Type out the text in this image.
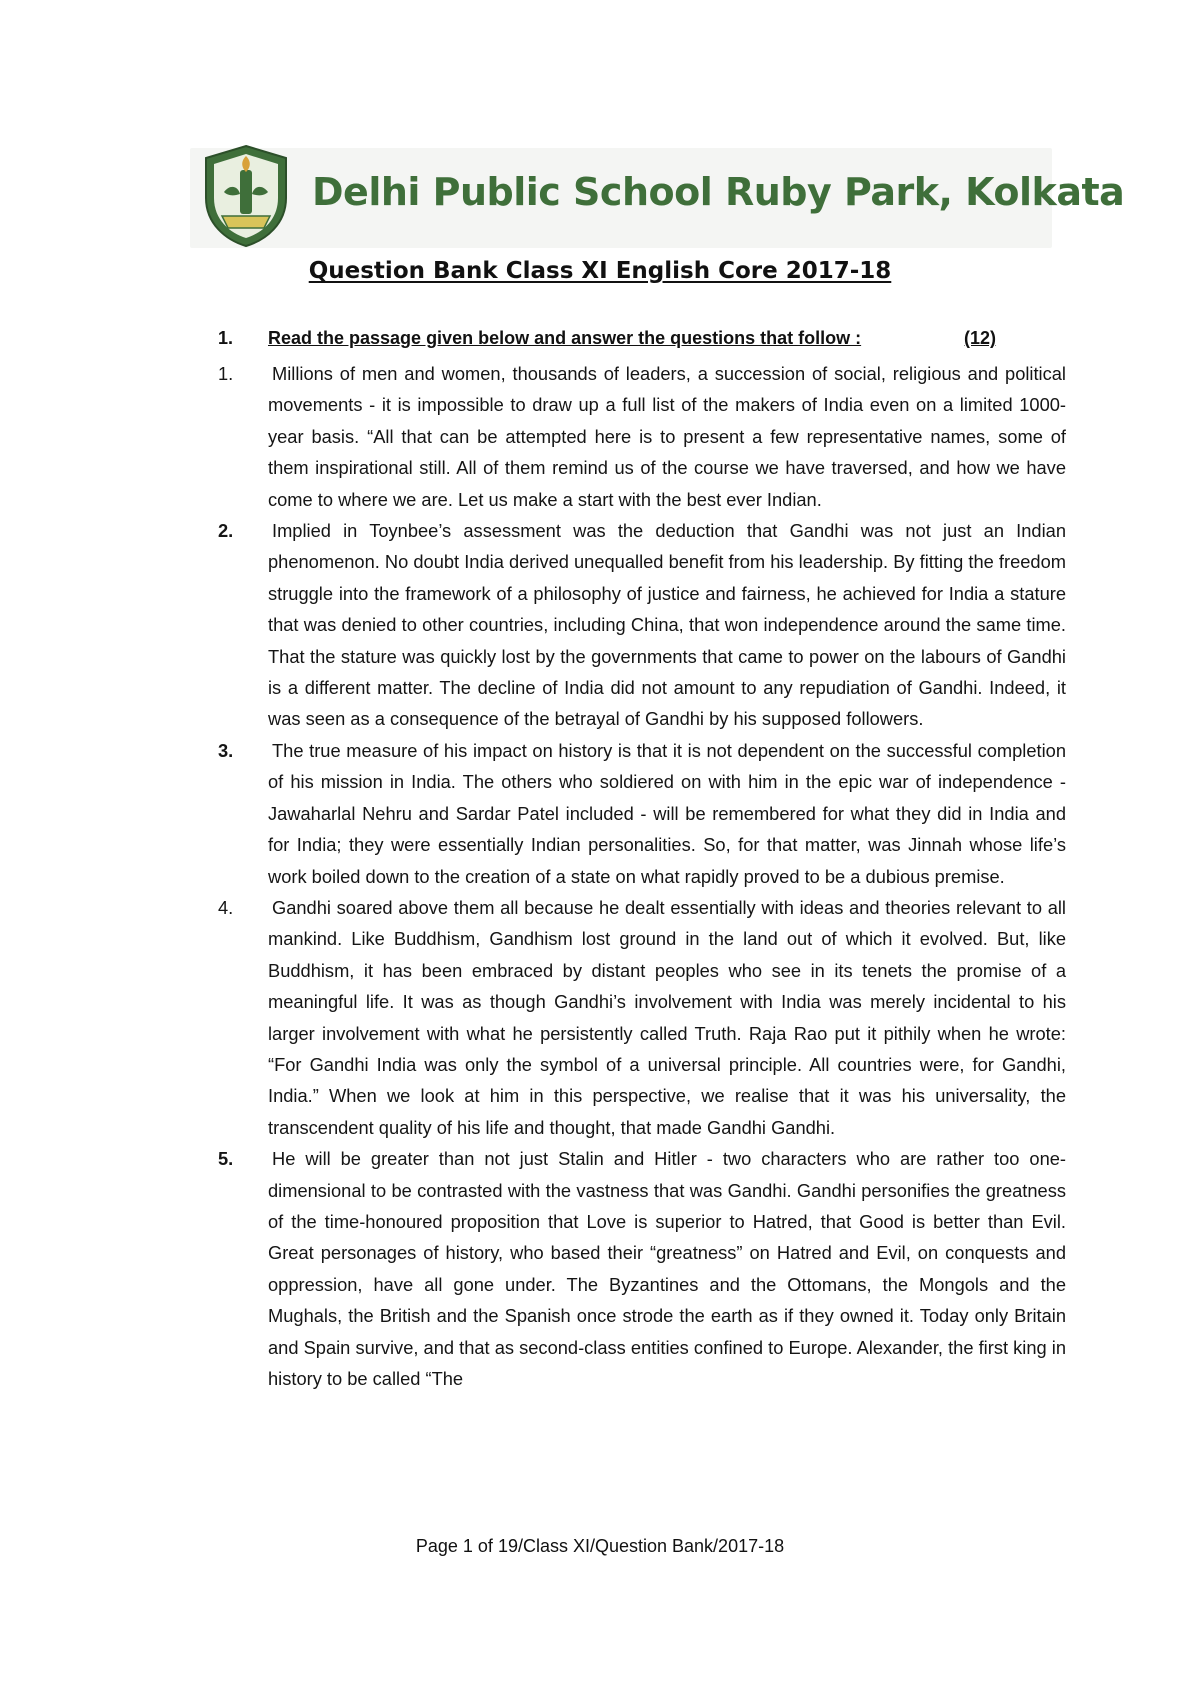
Delhi Public School Ruby Park, Kolkata
Question Bank Class XI English Core 2017-18
1. Read the passage given below and answer the questions that follow :	(12)
1. Millions of men and women, thousands of leaders, a succession of social, religious and political movements - it is impossible to draw up a full list of the makers of India even on a limited 1000-year basis. “All that can be attempted here is to present a few representative names, some of them inspirational still. All of them remind us of the course we have traversed, and how we have come to where we are. Let us make a start with the best ever Indian.
2. Implied in Toynbee’s assessment was the deduction that Gandhi was not just an Indian phenomenon. No doubt India derived unequalled benefit from his leadership. By fitting the freedom struggle into the framework of a philosophy of justice and fairness, he achieved for India a stature that was denied to other countries, including China, that won independence around the same time. That the stature was quickly lost by the governments that came to power on the labours of Gandhi is a different matter. The decline of India did not amount to any repudiation of Gandhi. Indeed, it was seen as a consequence of the betrayal of Gandhi by his supposed followers.
3. The true measure of his impact on history is that it is not dependent on the successful completion of his mission in India. The others who soldiered on with him in the epic war of independence - Jawaharlal Nehru and Sardar Patel included - will be remembered for what they did in India and for India; they were essentially Indian personalities. So, for that matter, was Jinnah whose life’s work boiled down to the creation of a state on what rapidly proved to be a dubious premise.
4. Gandhi soared above them all because he dealt essentially with ideas and theories relevant to all mankind. Like Buddhism, Gandhism lost ground in the land out of which it evolved. But, like Buddhism, it has been embraced by distant peoples who see in its tenets the promise of a meaningful life. It was as though Gandhi’s involvement with India was merely incidental to his larger involvement with what he persistently called Truth. Raja Rao put it pithily when he wrote: “For Gandhi India was only the symbol of a universal principle. All countries were, for Gandhi, India.” When we look at him in this perspective, we realise that it was his universality, the transcendent quality of his life and thought, that made Gandhi Gandhi.
5. He will be greater than not just Stalin and Hitler - two characters who are rather too one-dimensional to be contrasted with the vastness that was Gandhi. Gandhi personifies the greatness of the time-honoured proposition that Love is superior to Hatred, that Good is better than Evil. Great personages of history, who based their “greatness” on Hatred and Evil, on conquests and oppression, have all gone under. The Byzantines and the Ottomans, the Mongols and the Mughals, the British and the Spanish once strode the earth as if they owned it. Today only Britain and Spain survive, and that as second-class entities confined to Europe. Alexander, the first king in history to be called “The
Page 1 of 19/Class XI/Question Bank/2017-18
